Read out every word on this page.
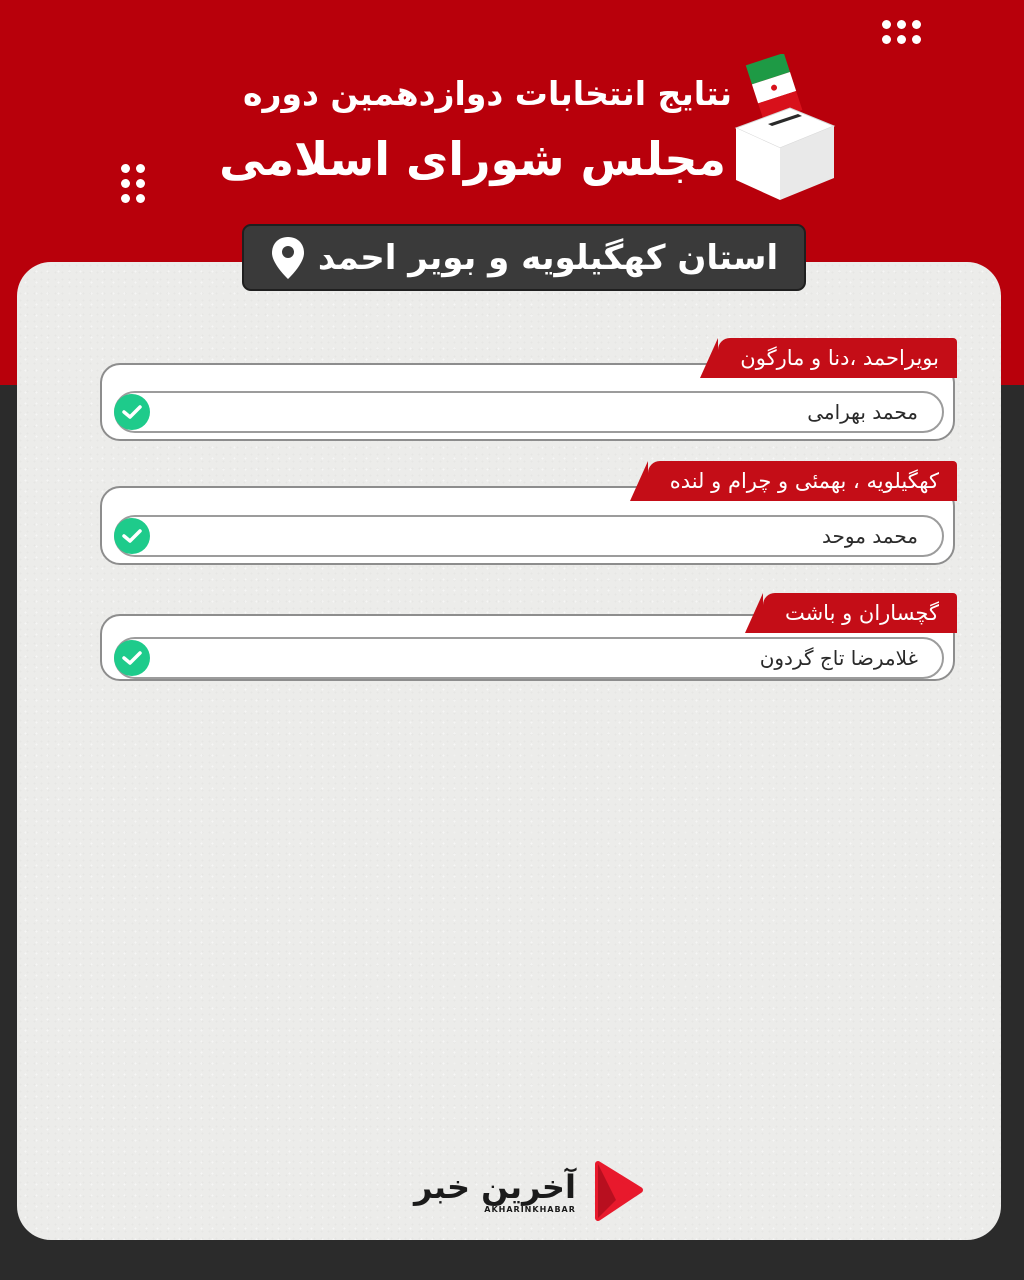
نتایج انتخابات دوازدهمین دوره
مجلس شورای اسلامی
استان کهگیلویه و بویر احمد
محمد بهرامی
بویراحمد ،دنا و مارگون
محمد موحد
کهگیلویه ، بهمئی و چرام و لنده
غلامرضا تاج گردون
گچساران و باشت
آخرین خبر
AKHARINKHABAR
